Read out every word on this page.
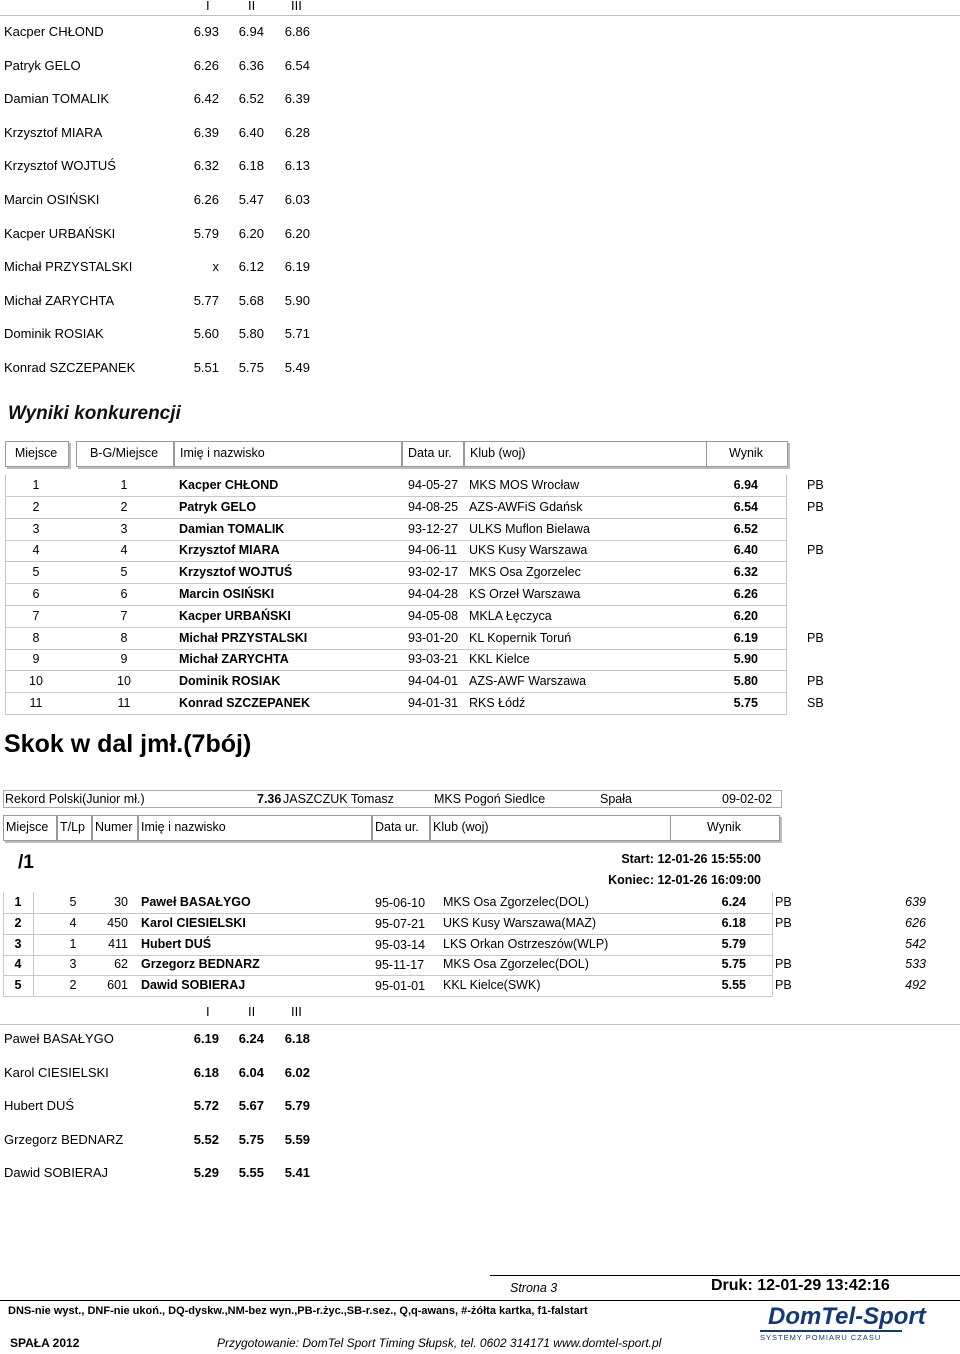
I	II	III
Kacper CHŁOND	6.93	6.94	6.86
Patryk GELO	6.26	6.36	6.54
Damian TOMALIK	6.42	6.52	6.39
Krzysztof MIARA	6.39	6.40	6.28
Krzysztof WOJTUŚ	6.32	6.18	6.13
Marcin OSIŃSKI	6.26	5.47	6.03
Kacper URBAŃSKI	5.79	6.20	6.20
Michał PRZYSTALSKI	x	6.12	6.19
Michał ZARYCHTA	5.77	5.68	5.90
Dominik ROSIAK	5.60	5.80	5.71
Konrad SZCZEPANEK	5.51	5.75	5.49
Wyniki konkurencji
Miejsce	B-G/Miejsce	Imię i nazwisko	Data ur. Klub (woj)	Wynik
1	1	Kacper CHŁOND	94-05-27 MKS MOS Wrocław	6.94	PB
2	2	Patryk GELO	94-08-25 AZS-AWFiS Gdańsk	6.54	PB
3	3	Damian TOMALIK	93-12-27 ULKS Muflon Bielawa	6.52
4	4	Krzysztof MIARA	94-06-11 UKS Kusy Warszawa	6.40	PB
5	5	Krzysztof WOJTUŚ	93-02-17 MKS Osa Zgorzelec	6.32
6	6	Marcin OSIŃSKI	94-04-28 KS Orzeł Warszawa	6.26
7	7	Kacper URBAŃSKI	94-05-08 MKLA Łęczyca	6.20
8	8	Michał PRZYSTALSKI	93-01-20 KL Kopernik Toruń	6.19	PB
9	9	Michał ZARYCHTA	93-03-21 KKL Kielce	5.90
10	10	Dominik ROSIAK	94-04-01 AZS-AWF Warszawa	5.80	PB
11	11	Konrad SZCZEPANEK	94-01-31 RKS Łódź	5.75	SB
Skok w dal jmł.(7bój)
Rekord Polski(Junior mł.)	7.36 JASZCZUK Tomasz	MKS Pogoń Siedlce	Spała	09-02-02
Miejsce T/Lp Numer Imię i nazwisko	Data ur. Klub (woj)	Wynik
/1	Start: 12-01-26 15:55:00
Koniec: 12-01-26 16:09:00
1	5	30 Paweł BASAŁYGO	95-06-10 MKS Osa Zgorzelec(DOL)	6.24 PB	639
2	4	450 Karol CIESIELSKI	95-07-21 UKS Kusy Warszawa(MAZ)	6.18 PB	626
3	1	411 Hubert DUŚ	95-03-14 LKS Orkan Ostrzeszów(WLP)	5.79	542
4	3	62 Grzegorz BEDNARZ	95-11-17 MKS Osa Zgorzelec(DOL)	5.75 PB	533
5	2	601 Dawid SOBIERAJ	95-01-01 KKL Kielce(SWK)	5.55 PB	492
I	II	III
Paweł BASAŁYGO	6.19	6.24	6.18
Karol CIESIELSKI	6.18	6.04	6.02
Hubert DUŚ	5.72	5.67	5.79
Grzegorz BEDNARZ	5.52	5.75	5.59
Dawid SOBIERAJ	5.29	5.55	5.41
Strona 3	Druk: 12-01-29 13:42:16
DNS-nie wyst., DNF-nie ukoń., DQ-dyskw.,NM-bez wyn.,PB-r.życ.,SB-r.sez., Q,q-awans, #-żółta kartka, f1-falstart
SPAŁA 2012	Przygotowanie: DomTel Sport Timing Słupsk, tel. 0602 314171 www.domtel-sport.pl
DomTel-Sport
SYSTEMY POMIARU CZASU
